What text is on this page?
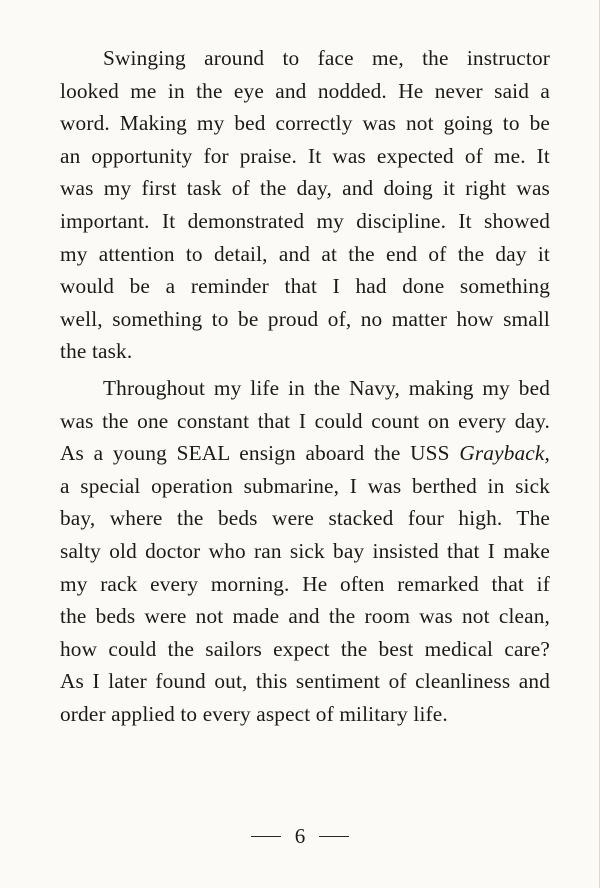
Swinging around to face me, the instructor
looked me in the eye and nodded. He never said a
word. Making my bed correctly was not going to be
an opportunity for praise. It was expected of me. It
was my first task of the day, and doing it right was
important. It demonstrated my discipline. It showed
my attention to detail, and at the end of the day it
would be a reminder that I had done something
well, something to be proud of, no matter how small
the task.
Throughout my life in the Navy, making my bed
was the one constant that I could count on every day.
As a young SEAL ensign aboard the USS Grayback,
a special operation submarine, I was berthed in sick
bay, where the beds were stacked four high. The
salty old doctor who ran sick bay insisted that I make
my rack every morning. He often remarked that if
the beds were not made and the room was not clean,
how could the sailors expect the best medical care?
As I later found out, this sentiment of cleanliness and
order applied to every aspect of military life.
6
